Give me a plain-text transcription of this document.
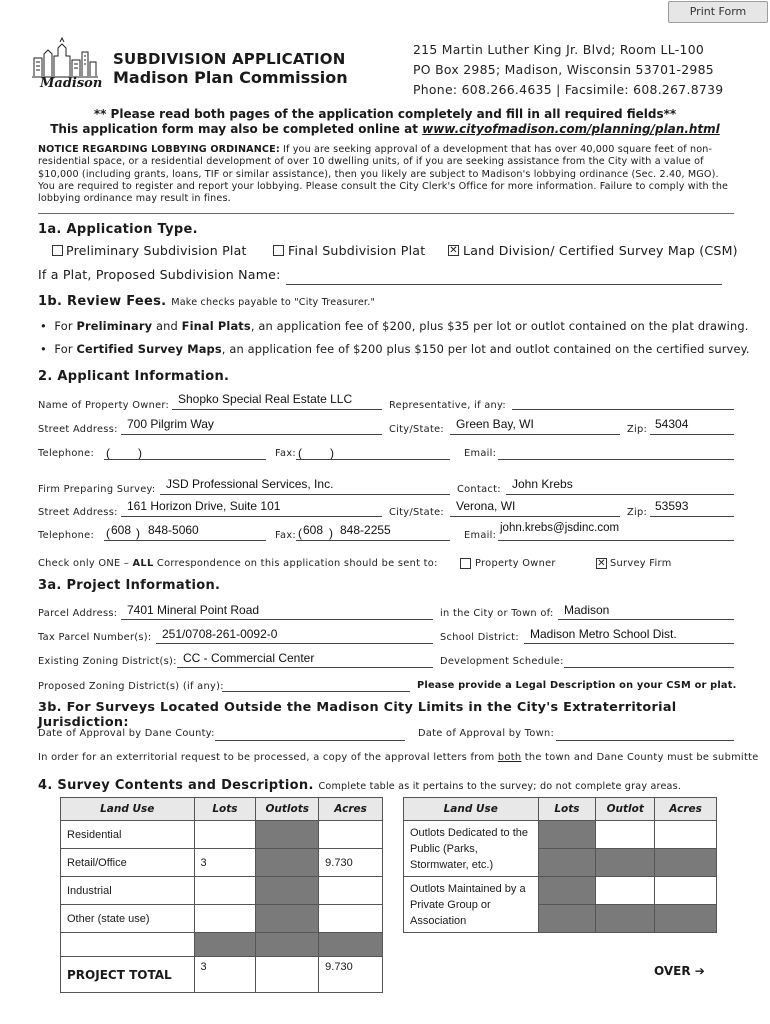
Print Form
Madison
SUBDIVISION APPLICATION
Madison Plan Commission
215 Martin Luther King Jr. Blvd; Room LL-100
PO Box 2985; Madison, Wisconsin 53701-2985
Phone: 608.266.4635 | Facsimile: 608.267.8739
** Please read both pages of the application completely and fill in all required fields**
This application form may also be completed online at www.cityofmadison.com/planning/plan.html
NOTICE REGARDING LOBBYING ORDINANCE: If you are seeking approval of a development that has over 40,000 square feet of non-residential space, or a residential development of over 10 dwelling units, of if you are seeking assistance from the City with a value of $10,000 (including grants, loans, TIF or similar assistance), then you likely are subject to Madison's lobbying ordinance (Sec. 2.40, MGO). You are required to register and report your lobbying. Please consult the City Clerk's Office for more information. Failure to comply with the lobbying ordinance may result in fines.
1a. Application Type.
Preliminary Subdivision Plat	Final Subdivision Plat ✕ Land Division/ Certified Survey Map (CSM)
If a Plat, Proposed Subdivision Name:
1b. Review Fees. Make checks payable to "City Treasurer."
•  For Preliminary and Final Plats, an application fee of $200, plus $35 per lot or outlot contained on the plat drawing.
•  For Certified Survey Maps, an application fee of $200 plus $150 per lot and outlot contained on the certified survey.
2. Applicant Information.
Name of Property Owner: Shopko Special Real Estate LLC	Representative, if any:
Street Address: 700 Pilgrim Way	City/State: Green Bay, WI	Zip: 54304
Telephone: ( )	Fax: ( )	Email:
Firm Preparing Survey: JSD Professional Services, Inc.	Contact: John Krebs
Street Address: 161 Horizon Drive, Suite 101	City/State: Verona, WI	Zip: 53593
Telephone: ( 608 ) 848-5060	Fax: ( 608 ) 848-2255	Email:
john.krebs@jsdinc.com
Check only ONE – ALL Correspondence on this application should be sent to:	Property Owner	✕ Survey Firm
3a. Project Information.
Parcel Address: 7401 Mineral Point Road	in the City or Town of: Madison
Tax Parcel Number(s): 251/0708-261-0092-0	School District: Madison Metro School Dist.
Existing Zoning District(s): CC - Commercial Center	Development Schedule:
Proposed Zoning District(s) (if any):	Please provide a Legal Description on your CSM or plat.
3b. For Surveys Located Outside the Madison City Limits in the City's Extraterritorial Jurisdiction:
Date of Approval by Dane County:	Date of Approval by Town:
In order for an exterritorial request to be processed, a copy of the approval letters from both the town and Dane County must be submitte
4. Survey Contents and Description. Complete table as it pertains to the survey; do not complete gray areas.
Land Use	Lots	Outlots	Acres
Residential			
Retail/Office	3		9.730
Industrial			
Other (state use)			

PROJECT TOTAL	3		9.730
Land Use	Lots	Outlot	Acres
Outlots Dedicated to the Public (Parks, Stormwater, etc.)			

Outlots Maintained by a Private Group or Association			

OVER ➔
